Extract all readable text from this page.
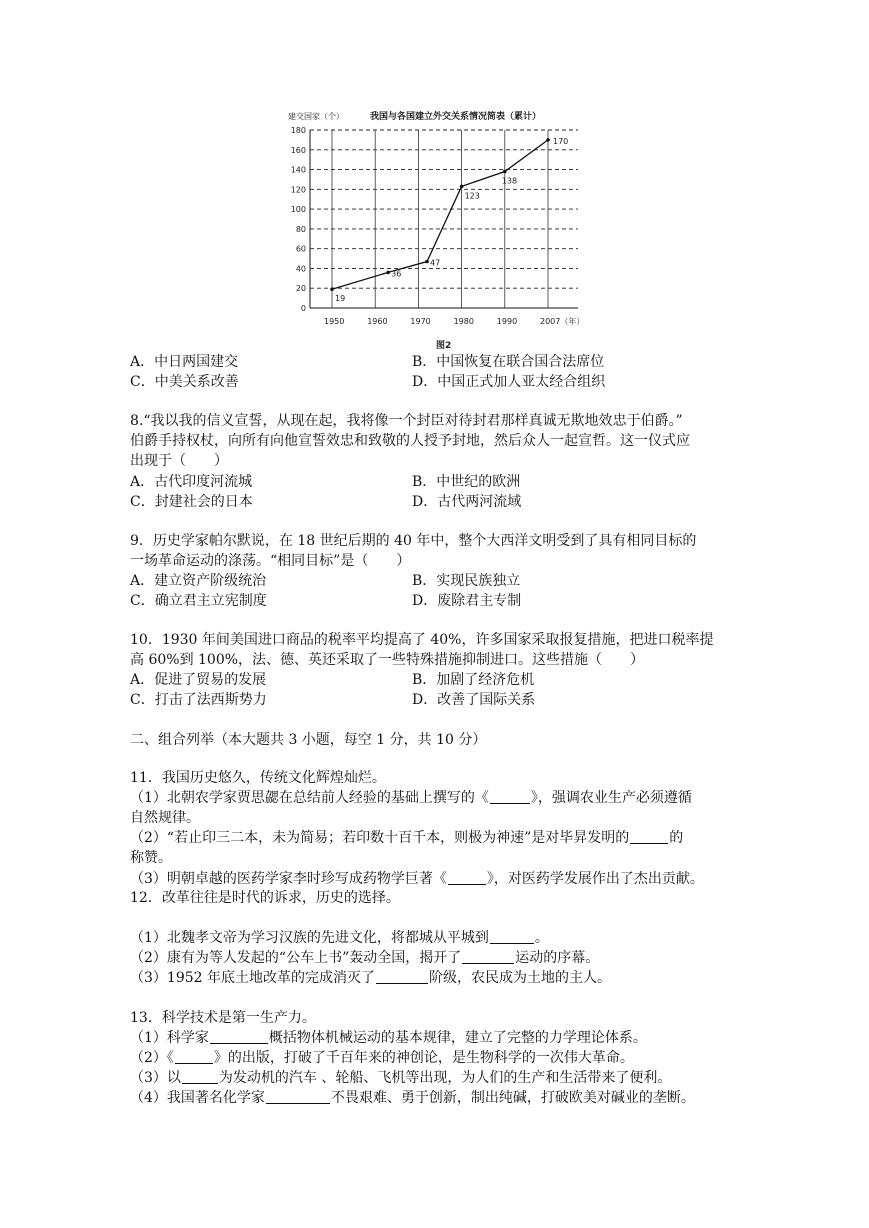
建交国家（个）	我国与各国建立外交关系情况简表（累计）
0
20
40
60
80
100
120
140
160
180
1950	1960	1970	1980	1990	2007（年）
19
36
47
123
138
170
图2
A．中日两国建交	B．中国恢复在联合国合法席位
C．中美关系改善	D．中国正式加人亚太经合组织
8.“我以我的信义宣誓，从现在起，我将像一个封臣对待封君那样真诚无欺地效忠于伯爵。”
伯爵手持权杖，向所有向他宣誓效忠和致敬的人授予封地，然后众人一起宣哲。这一仪式应
出现于（　　）
A．古代印度河流城	B．中世纪的欧洲
C．封建社会的日本	D．古代两河流域
9．历史学家帕尔默说，在 18 世纪后期的 40 年中，整个大西洋文明受到了具有相同目标的
一场革命运动的涤荡。“相同目标”是（　　）
A．建立资产阶级统治	B．实现民族独立
C．确立君主立宪制度	D．废除君主专制
10．1930 年间美国进口商品的税率平均提高了 40%，许多国家采取报复措施，把进口税率提
高 60%到 100%，法、德、英还采取了一些特殊措施抑制进口。这些措施（　　）
A．促进了贸易的发展	B．加剧了经济危机
C．打击了法西斯势力	D．改善了国际关系
二、组合列举（本大题共 3 小题，每空 1 分，共 10 分）
11．我国历史悠久，传统文化辉煌灿烂。
（1）北朝农学家贾思勰在总结前人经验的基础上撰写的《	》，强调农业生产必须遵循
自然规律。
（2）“若止印三二本，未为简易；若印数十百千本，则极为神速”是对毕昇发明的	的
称赞。
（3）明朝卓越的医药学家李时珍写成药物学巨著《	》，对医药学发展作出了杰出贡献。
12．改革往往是时代的诉求，历史的选择。
（1）北魏孝文帝为学习汉族的先进文化，将都城从平城到	。
（2）康有为等人发起的“公车上书”轰动全国，揭开了	运动的序幕。
（3）1952 年底土地改革的完成消灭了	阶级，农民成为土地的主人。
13．科学技术是第一生产力。
（1）科学家	概括物体机械运动的基本规律，建立了完整的力学理论体系。
（2）《	》的出版，打破了千百年来的神创论，是生物科学的一次伟大革命。
（3）以	为发动机的汽车 、轮船、飞机等出现，为人们的生产和生活带来了便利。
（4）我国著名化学家	不畏艰难、勇于创新，制出纯碱，打破欧美对碱业的垄断。
